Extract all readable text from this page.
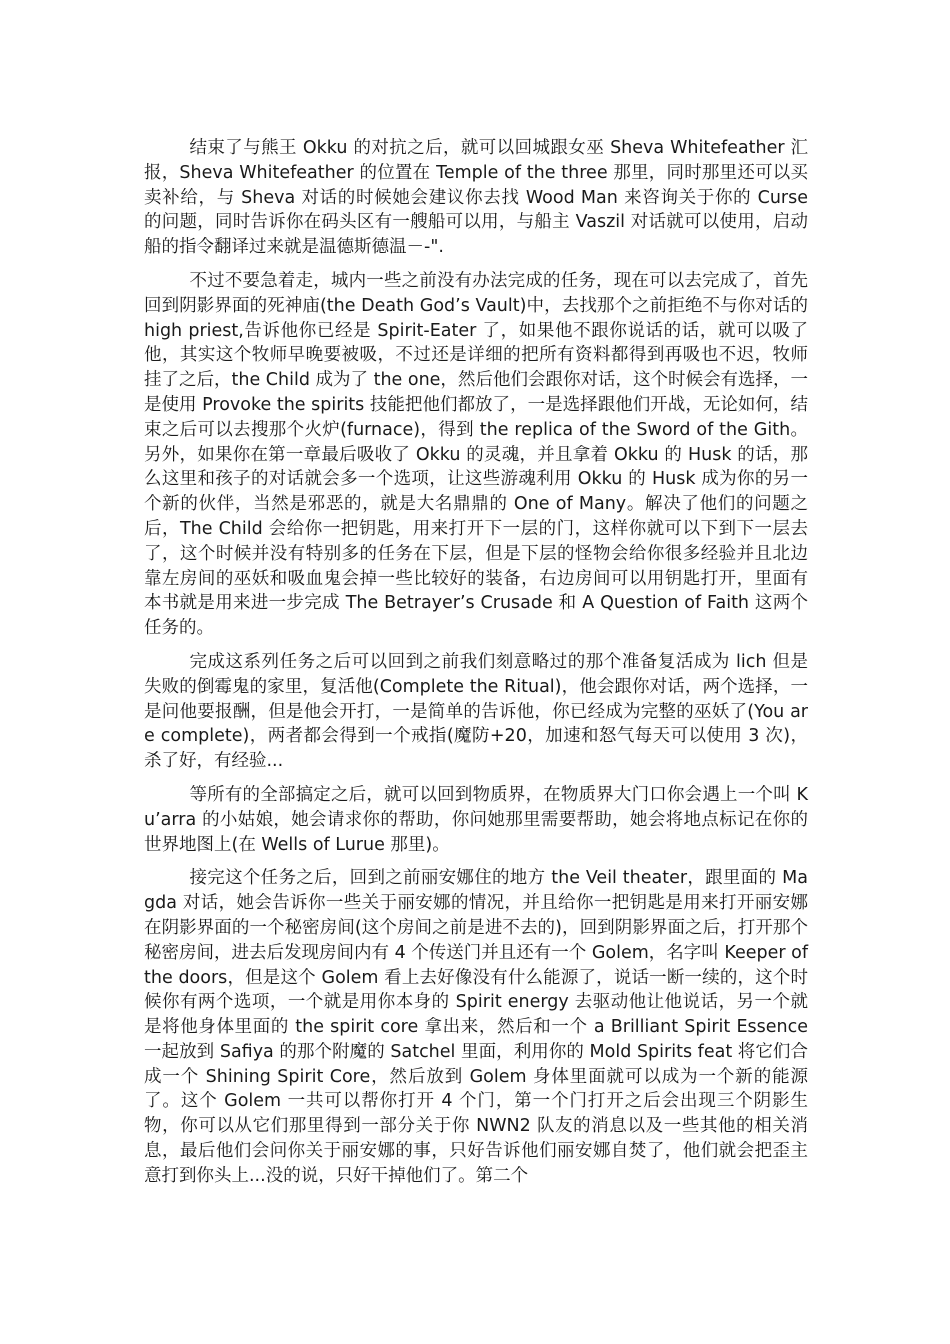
结束了与熊王 Okku 的对抗之后，就可以回城跟女巫 Sheva Whitefeather 汇报，Sheva Whitefeather 的位置在 Temple of the three 那里，同时那里还可以买卖补给，与 Sheva 对话的时候她会建议你去找 Wood Man 来咨询关于你的 Curse 的问题，同时告诉你在码头区有一艘船可以用，与船主 Vaszil 对话就可以使用，启动船的指令翻译过来就是温德斯德温－-".

不过不要急着走，城内一些之前没有办法完成的任务，现在可以去完成了，首先回到阴影界面的死神庙(the Death God’s Vault)中，去找那个之前拒绝不与你对话的 high priest,告诉他你已经是 Spirit-Eater 了，如果他不跟你说话的话，就可以吸了他，其实这个牧师早晚要被吸，不过还是详细的把所有资料都得到再吸也不迟，牧师挂了之后，the Child 成为了 the one，然后他们会跟你对话，这个时候会有选择，一是使用 Provoke the spirits 技能把他们都放了，一是选择跟他们开战，无论如何，结束之后可以去搜那个火炉(furnace)，得到 the replica of the Sword of the Gith。另外，如果你在第一章最后吸收了 Okku 的灵魂，并且拿着 Okku 的 Husk 的话，那么这里和孩子的对话就会多一个选项，让这些游魂利用 Okku 的 Husk 成为你的另一个新的伙伴，当然是邪恶的，就是大名鼎鼎的 One of Many。解决了他们的问题之后，The Child 会给你一把钥匙，用来打开下一层的门，这样你就可以下到下一层去了，这个时候并没有特别多的任务在下层，但是下层的怪物会给你很多经验并且北边靠左房间的巫妖和吸血鬼会掉一些比较好的装备，右边房间可以用钥匙打开，里面有本书就是用来进一步完成 The Betrayer’s Crusade 和 A Question of Faith 这两个任务的。

完成这系列任务之后可以回到之前我们刻意略过的那个准备复活成为 lich 但是失败的倒霉鬼的家里，复活他(Complete the Ritual)，他会跟你对话，两个选择，一是问他要报酬，但是他会开打，一是简单的告诉他，你已经成为完整的巫妖了(You are complete)，两者都会得到一个戒指(魔防+20，加速和怒气每天可以使用 3 次)，杀了好，有经验...

等所有的全部搞定之后，就可以回到物质界，在物质界大门口你会遇上一个叫 Ku’arra 的小姑娘，她会请求你的帮助，你问她那里需要帮助，她会将地点标记在你的世界地图上(在 Wells of Lurue 那里)。

接完这个任务之后，回到之前丽安娜住的地方 the Veil theater，跟里面的 Magda 对话，她会告诉你一些关于丽安娜的情况，并且给你一把钥匙是用来打开丽安娜在阴影界面的一个秘密房间(这个房间之前是进不去的)，回到阴影界面之后，打开那个秘密房间，进去后发现房间内有 4 个传送门并且还有一个 Golem，名字叫 Keeper of the doors，但是这个 Golem 看上去好像没有什么能源了，说话一断一续的，这个时候你有两个选项，一个就是用你本身的 Spirit energy 去驱动他让他说话，另一个就是将他身体里面的 the spirit core 拿出来，然后和一个 a Brilliant Spirit Essence 一起放到 Safiya 的那个附魔的 Satchel 里面，利用你的 Mold Spirits feat 将它们合成一个 Shining Spirit Core，然后放到 Golem 身体里面就可以成为一个新的能源了。这个 Golem 一共可以帮你打开 4 个门，第一个门打开之后会出现三个阴影生物，你可以从它们那里得到一部分关于你 NWN2 队友的消息以及一些其他的相关消息，最后他们会问你关于丽安娜的事，只好告诉他们丽安娜自焚了，他们就会把歪主意打到你头上...没的说，只好干掉他们了。第二个
